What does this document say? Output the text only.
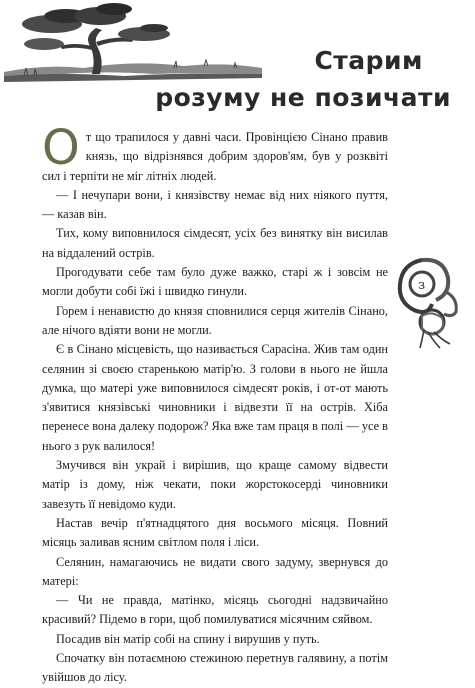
Старим

розуму не позичати
з

От що трапилося у давні часи. Провінцією Сінано правив князь, що відрізнявся добрим здоров'ям, був у розквіті сил і терпіти не міг літніх людей.

— І нечупари вони, і князівству немає від них ніякого пуття, — казав він.

Тих, кому виповнилося сімдесят, усіх без винятку він висилав на віддалений острів.

Прогодувати себе там було дуже важко, старі ж і зовсім не могли добути собі їжі і швидко гинули.

Горем і ненавистю до князя сповнилися серця жителів Сінано, але нічого вдіяти вони не могли.

Є в Сінано місцевість, що називається Сарасіна. Жив там один селянин зі своєю старенькою матір'ю. З голови в нього не йшла думка, що матері уже виповнилося сімдесят років, і от-от мають з'явитися князівські чиновники і відвезти її на острів. Хіба перенесе вона далеку подорож? Яка вже там праця в полі — усе в нього з рук валилося!

Змучився він украй і вирішив, що краще самому відвести матір із дому, ніж чекати, поки жорстокосерді чиновники завезуть її невідомо куди.

Настав вечір п'ятнадцятого дня восьмого місяця. Повний місяць заливав ясним світлом поля і ліси.

Селянин, намагаючись не видати свого задуму, звернувся до матері:

— Чи не правда, матінко, місяць сьогодні надзвичайно красивий? Підемо в гори, щоб помилуватися місячним сяйвом.

Посадив він матір собі на спину і вирушив у путь.

Спочатку він потаємною стежиною перетнув галявину, а потім увійшов до лісу.
